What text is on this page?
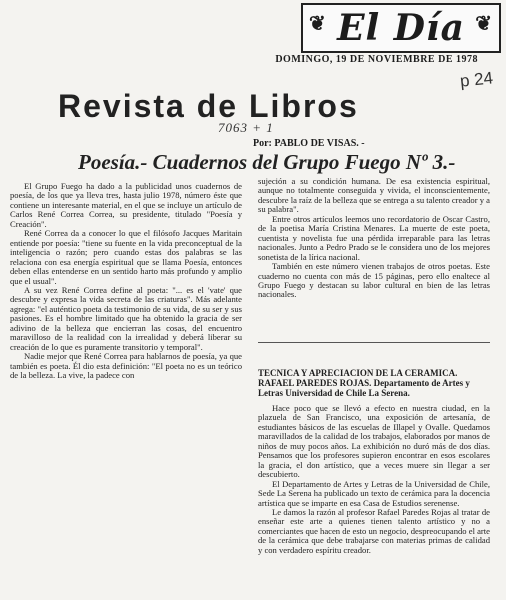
❦ El Día ❦
DOMINGO, 19 DE NOVIEMBRE DE 1978
p 24
Revista de Libros
7063 + 1
Por: PABLO DE VISAS. -
Poesía.- Cuadernos del Grupo Fuego Nº 3.-

El Grupo Fuego ha dado a la publicidad unos cuadernos de poesía, de los que ya lleva tres, hasta julio 1978, número éste que contiene un interesante material, en el que se incluye un artículo de Carlos René Correa Correa, su presidente, titulado "Poesía y Creación".

René Correa da a conocer lo que el filósofo Jacques Maritain entiende por poesía: "tiene su fuente en la vida preconceptual de la inteligencia o razón; pero cuando estas dos palabras se las relaciona con esa energía espiritual que se llama Poesía, entonces deben ellas entenderse en un sentido harto más profundo y amplio que el usual".

A su vez René Correa define al poeta: "... es el 'vate' que descubre y expresa la vida secreta de las criaturas". Más adelante agrega: "el auténtico poeta da testimonio de su vida, de su ser y sus pasiones. Es el hombre limitado que ha obtenido la gracia de ser adivino de la belleza que encierran las cosas, del encuentro maravilloso de la realidad con la irrealidad y deberá liberar su creación de lo que es puramente transitorio y temporal".

Nadie mejor que René Correa para hablarnos de poesía, ya que también es poeta. Él dio esta definición: "El poeta no es un teórico de la belleza. La vive, la padece con

sujeción a su condición humana. De esa existencia espiritual, aunque no totalmente conseguida y vivida, el inconscientemente, descubre la raíz de la belleza que se entrega a su talento creador y a su palabra".

Entre otros artículos leemos uno recordatorio de Oscar Castro, de la poetisa María Cristina Menares. La muerte de este poeta, cuentista y novelista fue una pérdida irreparable para las letras nacionales. Junto a Pedro Prado se le considera uno de los mejores sonetista de la lírica nacional.

También en este número vienen trabajos de otros poetas. Este cuaderno no cuenta con más de 15 páginas, pero ello enaltece al Grupo Fuego y destacan su labor cultural en bien de las letras nacionales.

TECNICA Y APRECIACION DE LA CERAMICA. RAFAEL PAREDES ROJAS. Departamento de Artes y Letras Universidad de Chile La Serena.

Hace poco que se llevó a efecto en nuestra ciudad, en la plazuela de San Francisco, una exposición de artesanía, de estudiantes básicos de las escuelas de Illapel y Ovalle. Quedamos maravillados de la calidad de los trabajos, elaborados por manos de niños de muy pocos años. La exhibición no duró más de dos días. Pensamos que los profesores supieron encontrar en esos escolares la gracia, el don artístico, que a veces muere sin llegar a ser descubierto.

El Departamento de Artes y Letras de la Universidad de Chile, Sede La Serena ha publicado un texto de cerámica para la docencia artística que se imparte en esa Casa de Estudios serenense.

Le damos la razón al profesor Rafael Paredes Rojas al tratar de enseñar este arte a quienes tienen talento artístico y no a comerciantes que hacen de esto un negocio, despreocupando el arte de la cerámica que debe trabajarse con materias primas de calidad y con verdadero espíritu creador.
